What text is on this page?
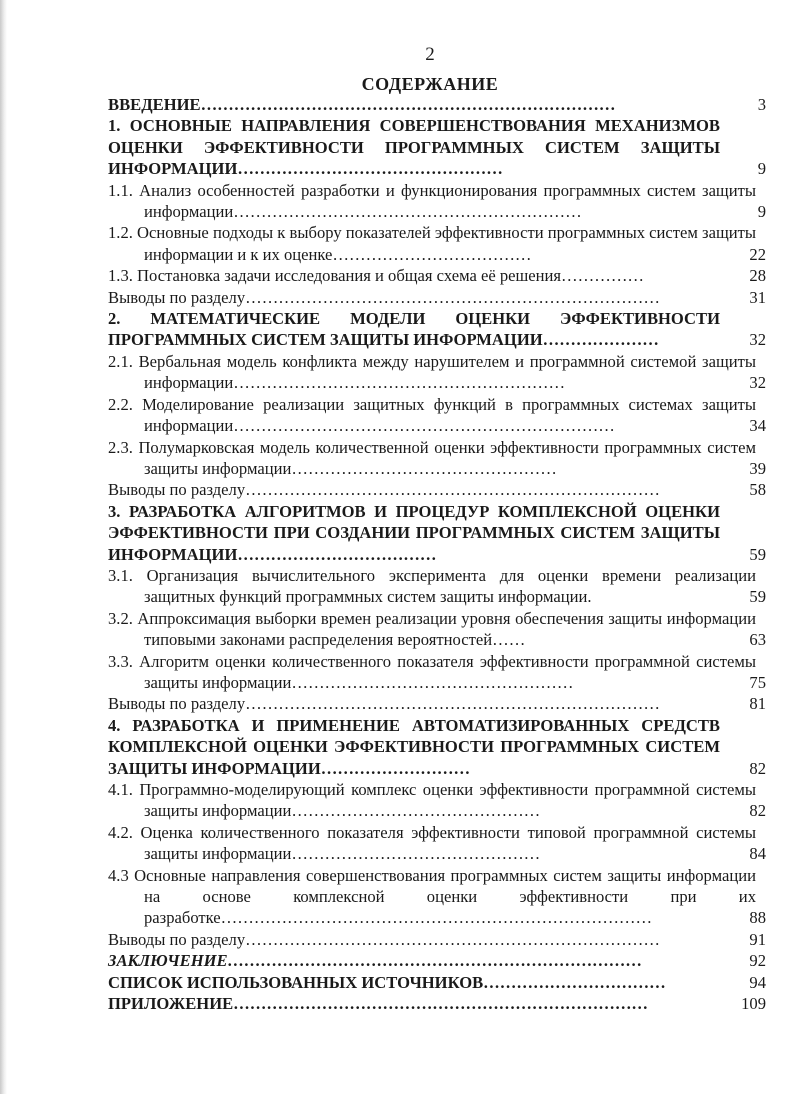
2
СОДЕРЖАНИЕ
ВВЕДЕНИЕ…………………………………………………………………	3
1. ОСНОВНЫЕ НАПРАВЛЕНИЯ СОВЕРШЕНСТВОВАНИЯ МЕХАНИЗМОВ ОЦЕНКИ ЭФФЕКТИВНОСТИ ПРОГРАММНЫХ СИСТЕМ ЗАЩИТЫ ИНФОРМАЦИИ…………………………………………	9
1.1. Анализ особенностей разработки и функционирования программных систем защиты информации………………………………………………………	9
1.2. Основные подходы к выбору показателей эффективности программных систем защиты информации и к их оценке………………………………	22
1.3. Постановка задачи исследования и общая схема её решения……………	28
Выводы по разделу…………………………………………………………………	31
2. МАТЕМАТИЧЕСКИЕ МОДЕЛИ ОЦЕНКИ ЭФФЕКТИВНОСТИ ПРОГРАММНЫХ СИСТЕМ ЗАЩИТЫ ИНФОРМАЦИИ…………………	32
2.1. Вербальная модель конфликта между нарушителем и программной системой защиты информации……………………………………………………	32
2.2. Моделирование реализации защитных функций в программных системах защиты информации……………………………………………………………	34
2.3. Полумарковская модель количественной оценки эффективности программных систем защиты информации…………………………………………	39
Выводы по разделу…………………………………………………………………	58
3. РАЗРАБОТКА АЛГОРИТМОВ И ПРОЦЕДУР КОМПЛЕКСНОЙ ОЦЕНКИ ЭФФЕКТИВНОСТИ ПРИ СОЗДАНИИ ПРОГРАММНЫХ СИСТЕМ ЗАЩИТЫ ИНФОРМАЦИИ………………………………	59
3.1. Организация вычислительного эксперимента для оценки времени реализации защитных функций программных систем защиты информации.	59
3.2. Аппроксимация выборки времен реализации уровня обеспечения защиты информации типовыми законами распределения вероятностей……	63
3.3. Алгоритм оценки количественного показателя эффективности программной системы защиты информации……………………………………………	75
Выводы по разделу…………………………………………………………………	81
4. РАЗРАБОТКА И ПРИМЕНЕНИЕ АВТОМАТИЗИРОВАННЫХ СРЕДСТВ КОМПЛЕКСНОЙ ОЦЕНКИ ЭФФЕКТИВНОСТИ ПРОГРАММНЫХ СИСТЕМ ЗАЩИТЫ ИНФОРМАЦИИ………………………	82
4.1. Программно-моделирующий комплекс оценки эффективности программной системы защиты информации………………………………………	82
4.2. Оценка количественного показателя эффективности типовой программной системы защиты информации………………………………………	84
4.3 Основные направления совершенствования программных систем защиты информации на основе комплексной оценки эффективности при их разработке……………………………………………………………………	88
Выводы по разделу…………………………………………………………………	91
ЗАКЛЮЧЕНИЕ…………………………………………………………………	92
СПИСОК ИСПОЛЬЗОВАННЫХ ИСТОЧНИКОВ……………………………	94
ПРИЛОЖЕНИЕ…………………………………………………………………	109
